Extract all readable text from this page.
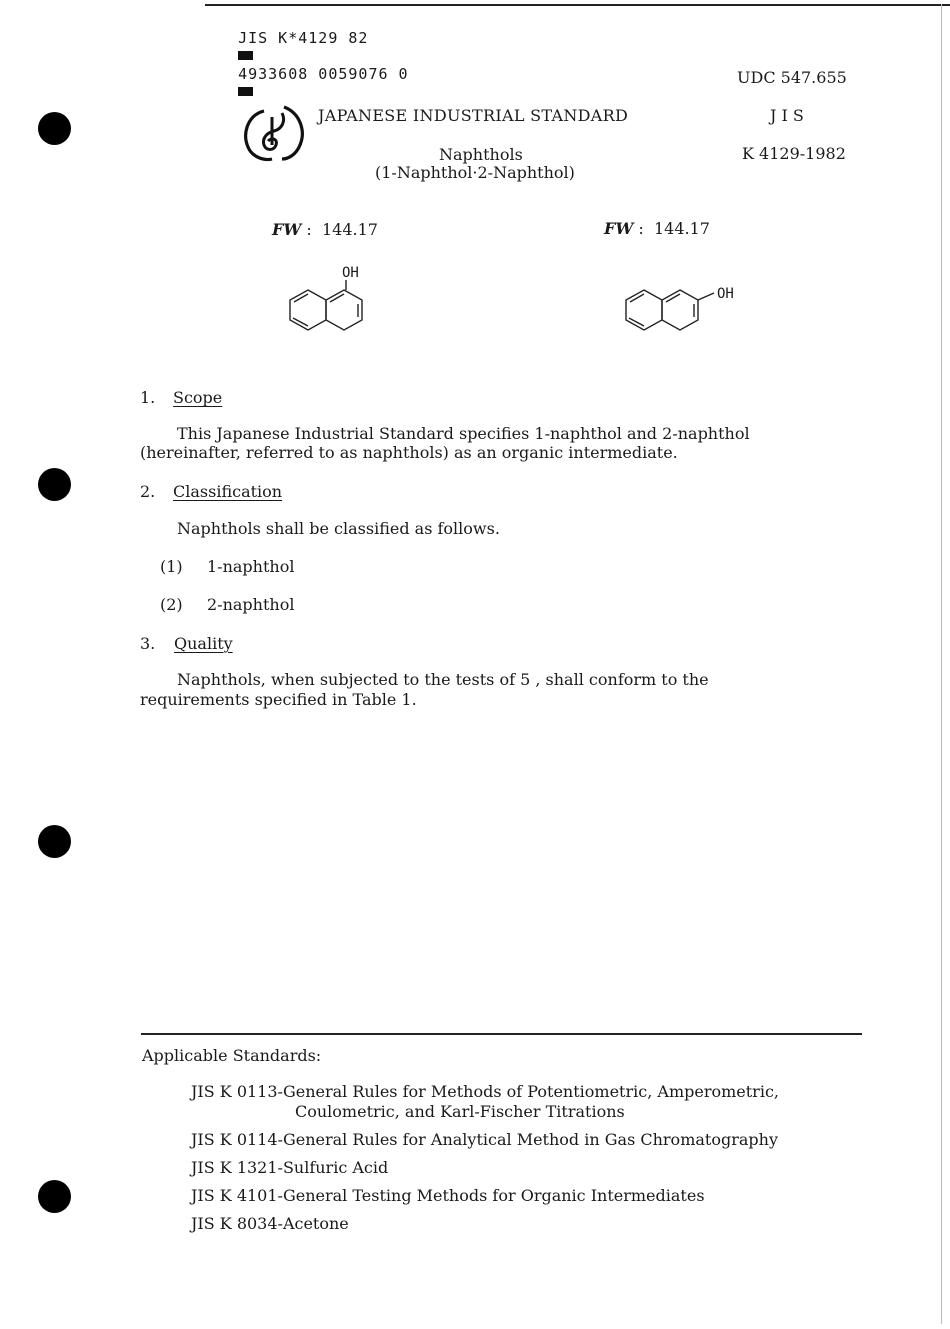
JIS K*4129 82

4933608 0059076 0
	UDC 547.655
J I S
K 4129-1982
JAPANESE INDUSTRIAL STANDARD
Naphthols
(1-Naphthol·2-Naphthol)
FW :  144.17	FW :  144.17
OH
OH
1. Scope
This Japanese Industrial Standard specifies 1-naphthol and 2-naphthol
(hereinafter, referred to as naphthols) as an organic intermediate.
2. Classification
Naphthols shall be classified as follows.
(1) 1-naphthol
(2) 2-naphthol
3. Quality
Naphthols, when subjected to the tests of 5 , shall conform to the
requirements specified in Table 1.
Applicable Standards:
JIS K 0113-General Rules for Methods of Potentiometric, Amperometric,
Coulometric, and Karl-Fischer Titrations
JIS K 0114-General Rules for Analytical Method in Gas Chromatography
JIS K 1321-Sulfuric Acid
JIS K 4101-General Testing Methods for Organic Intermediates
JIS K 8034-Acetone
